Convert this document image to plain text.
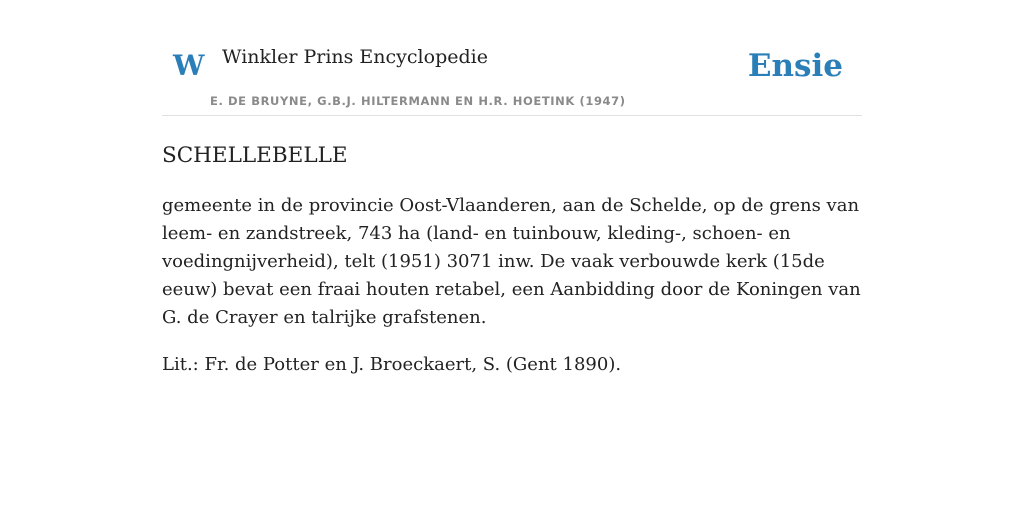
W Winkler Prins Encyclopedie
E. DE BRUYNE, G.B.J. HILTERMANN EN H.R. HOETINK (1947)
Ensie
SCHELLEBELLE

gemeente in de provincie Oost-Vlaanderen, aan de Schelde, op de grens van leem- en zandstreek, 743 ha (land- en tuinbouw, kleding-, schoen- en voedingnijverheid), telt (1951) 3071 inw. De vaak verbouwde kerk (15de eeuw) bevat een fraai houten retabel, een Aanbidding door de Koningen van G. de Crayer en talrijke grafstenen.

Lit.: Fr. de Potter en J. Broeckaert, S. (Gent 1890).
